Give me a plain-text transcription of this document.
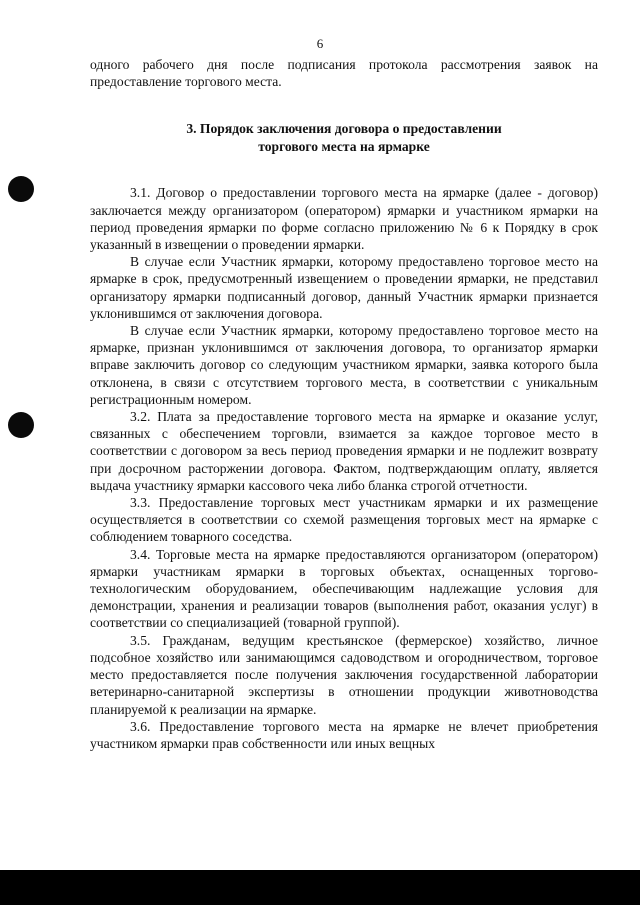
6

одного рабочего дня после подписания протокола рассмотрения заявок на предоставление торгового места.

3. Порядок заключения договора о предоставлении
торгового места на ярмарке

3.1. Договор о предоставлении торгового места на ярмарке (далее - договор) заключается между организатором (оператором) ярмарки и участником ярмарки на период проведения ярмарки по форме согласно приложению № 6 к Порядку в срок указанный в извещении о проведении ярмарки.

В случае если Участник ярмарки, которому предоставлено торговое место на ярмарке в срок, предусмотренный извещением о проведении ярмарки, не представил организатору ярмарки подписанный договор, данный Участник ярмарки признается уклонившимся от заключения договора.

В случае если Участник ярмарки, которому предоставлено торговое место на ярмарке, признан уклонившимся от заключения договора, то организатор ярмарки вправе заключить договор со следующим участником ярмарки, заявка которого была отклонена, в связи с отсутствием торгового места, в соответствии с уникальным регистрационным номером.

3.2. Плата за предоставление торгового места на ярмарке и оказание услуг, связанных с обеспечением торговли, взимается за каждое торговое место в соответствии с договором за весь период проведения ярмарки и не подлежит возврату при досрочном расторжении договора. Фактом, подтверждающим оплату, является выдача участнику ярмарки кассового чека либо бланка строгой отчетности.

3.3. Предоставление торговых мест участникам ярмарки и их размещение осуществляется в соответствии со схемой размещения торговых мест на ярмарке с соблюдением товарного соседства.

3.4. Торговые места на ярмарке предоставляются организатором (оператором) ярмарки участникам ярмарки в торговых объектах, оснащенных торгово-технологическим оборудованием, обеспечивающим надлежащие условия для демонстрации, хранения и реализации товаров (выполнения работ, оказания услуг) в соответствии со специализацией (товарной группой).

3.5. Гражданам, ведущим крестьянское (фермерское) хозяйство, личное подсобное хозяйство или занимающимся садоводством и огородничеством, торговое место предоставляется после получения заключения государственной лаборатории ветеринарно-санитарной экспертизы в отношении продукции животноводства планируемой к реализации на ярмарке.

3.6. Предоставление торгового места на ярмарке не влечет приобретения участником ярмарки прав собственности или иных вещных
